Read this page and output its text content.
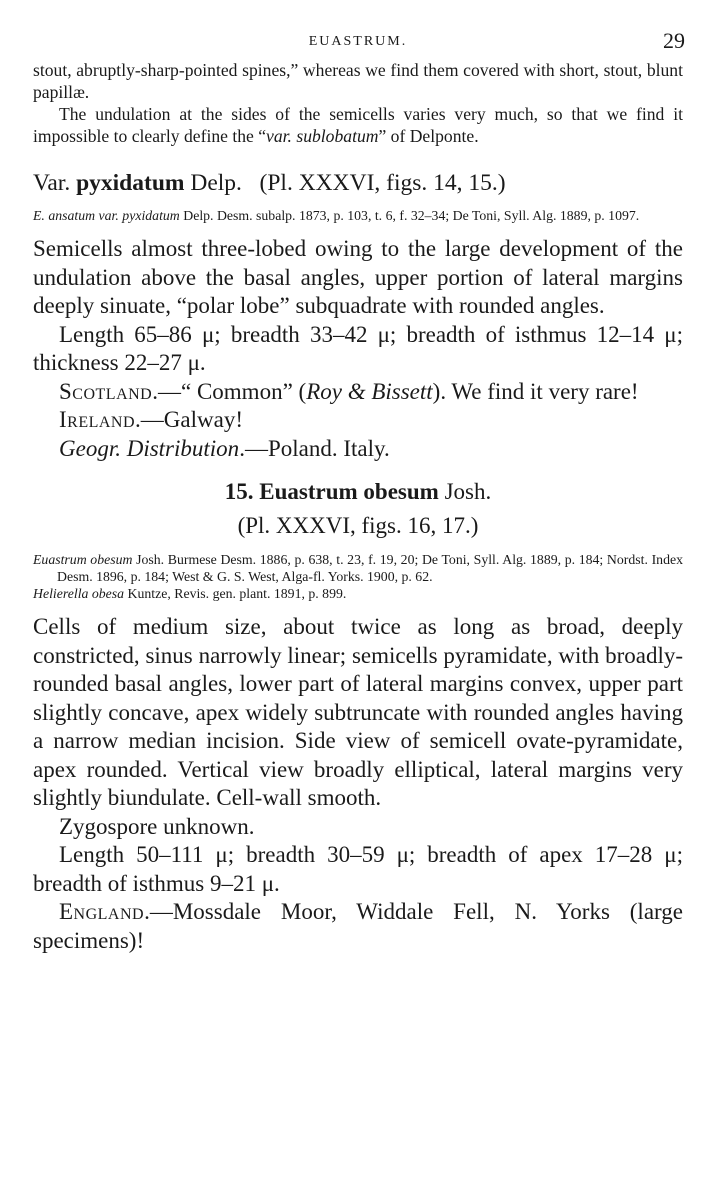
EUASTRUM.	29

stout, abruptly-sharp-pointed spines,” whereas we find them covered with short, stout, blunt papillæ.

The undulation at the sides of the semicells varies very much, so that we find it impossible to clearly define the “var. sublobatum” of Delponte.

Var. pyxidatum Delp. (Pl. XXXVI, figs. 14, 15.)

E. ansatum var. pyxidatum Delp. Desm. subalp. 1873, p. 103, t. 6, f. 32–34; De Toni, Syll. Alg. 1889, p. 1097.

Semicells almost three-lobed owing to the large development of the undulation above the basal angles, upper portion of lateral margins deeply sinuate, “polar lobe” subquadrate with rounded angles.

Length 65–86 μ; breadth 33–42 μ; breadth of isthmus 12–14 μ; thickness 22–27 μ.

Scotland.—“ Common” (Roy & Bissett). We find it very rare!

Ireland.—Galway!

Geogr. Distribution.—Poland. Italy.

15. Euastrum obesum Josh.
(Pl. XXXVI, figs. 16, 17.)

Euastrum obesum Josh. Burmese Desm. 1886, p. 638, t. 23, f. 19, 20; De Toni, Syll. Alg. 1889, p. 184; Nordst. Index Desm. 1896, p. 184; West & G. S. West, Alga-fl. Yorks. 1900, p. 62.

Helierella obesa Kuntze, Revis. gen. plant. 1891, p. 899.

Cells of medium size, about twice as long as broad, deeply constricted, sinus narrowly linear; semicells pyramidate, with broadly-rounded basal angles, lower part of lateral margins convex, upper part slightly concave, apex widely subtruncate with rounded angles having a narrow median incision. Side view of semicell ovate-pyramidate, apex rounded. Vertical view broadly elliptical, lateral margins very slightly biundulate. Cell-wall smooth.

Zygospore unknown.

Length 50–111 μ; breadth 30–59 μ; breadth of apex 17–28 μ; breadth of isthmus 9–21 μ.

England.—Mossdale Moor, Widdale Fell, N. Yorks (large specimens)!
